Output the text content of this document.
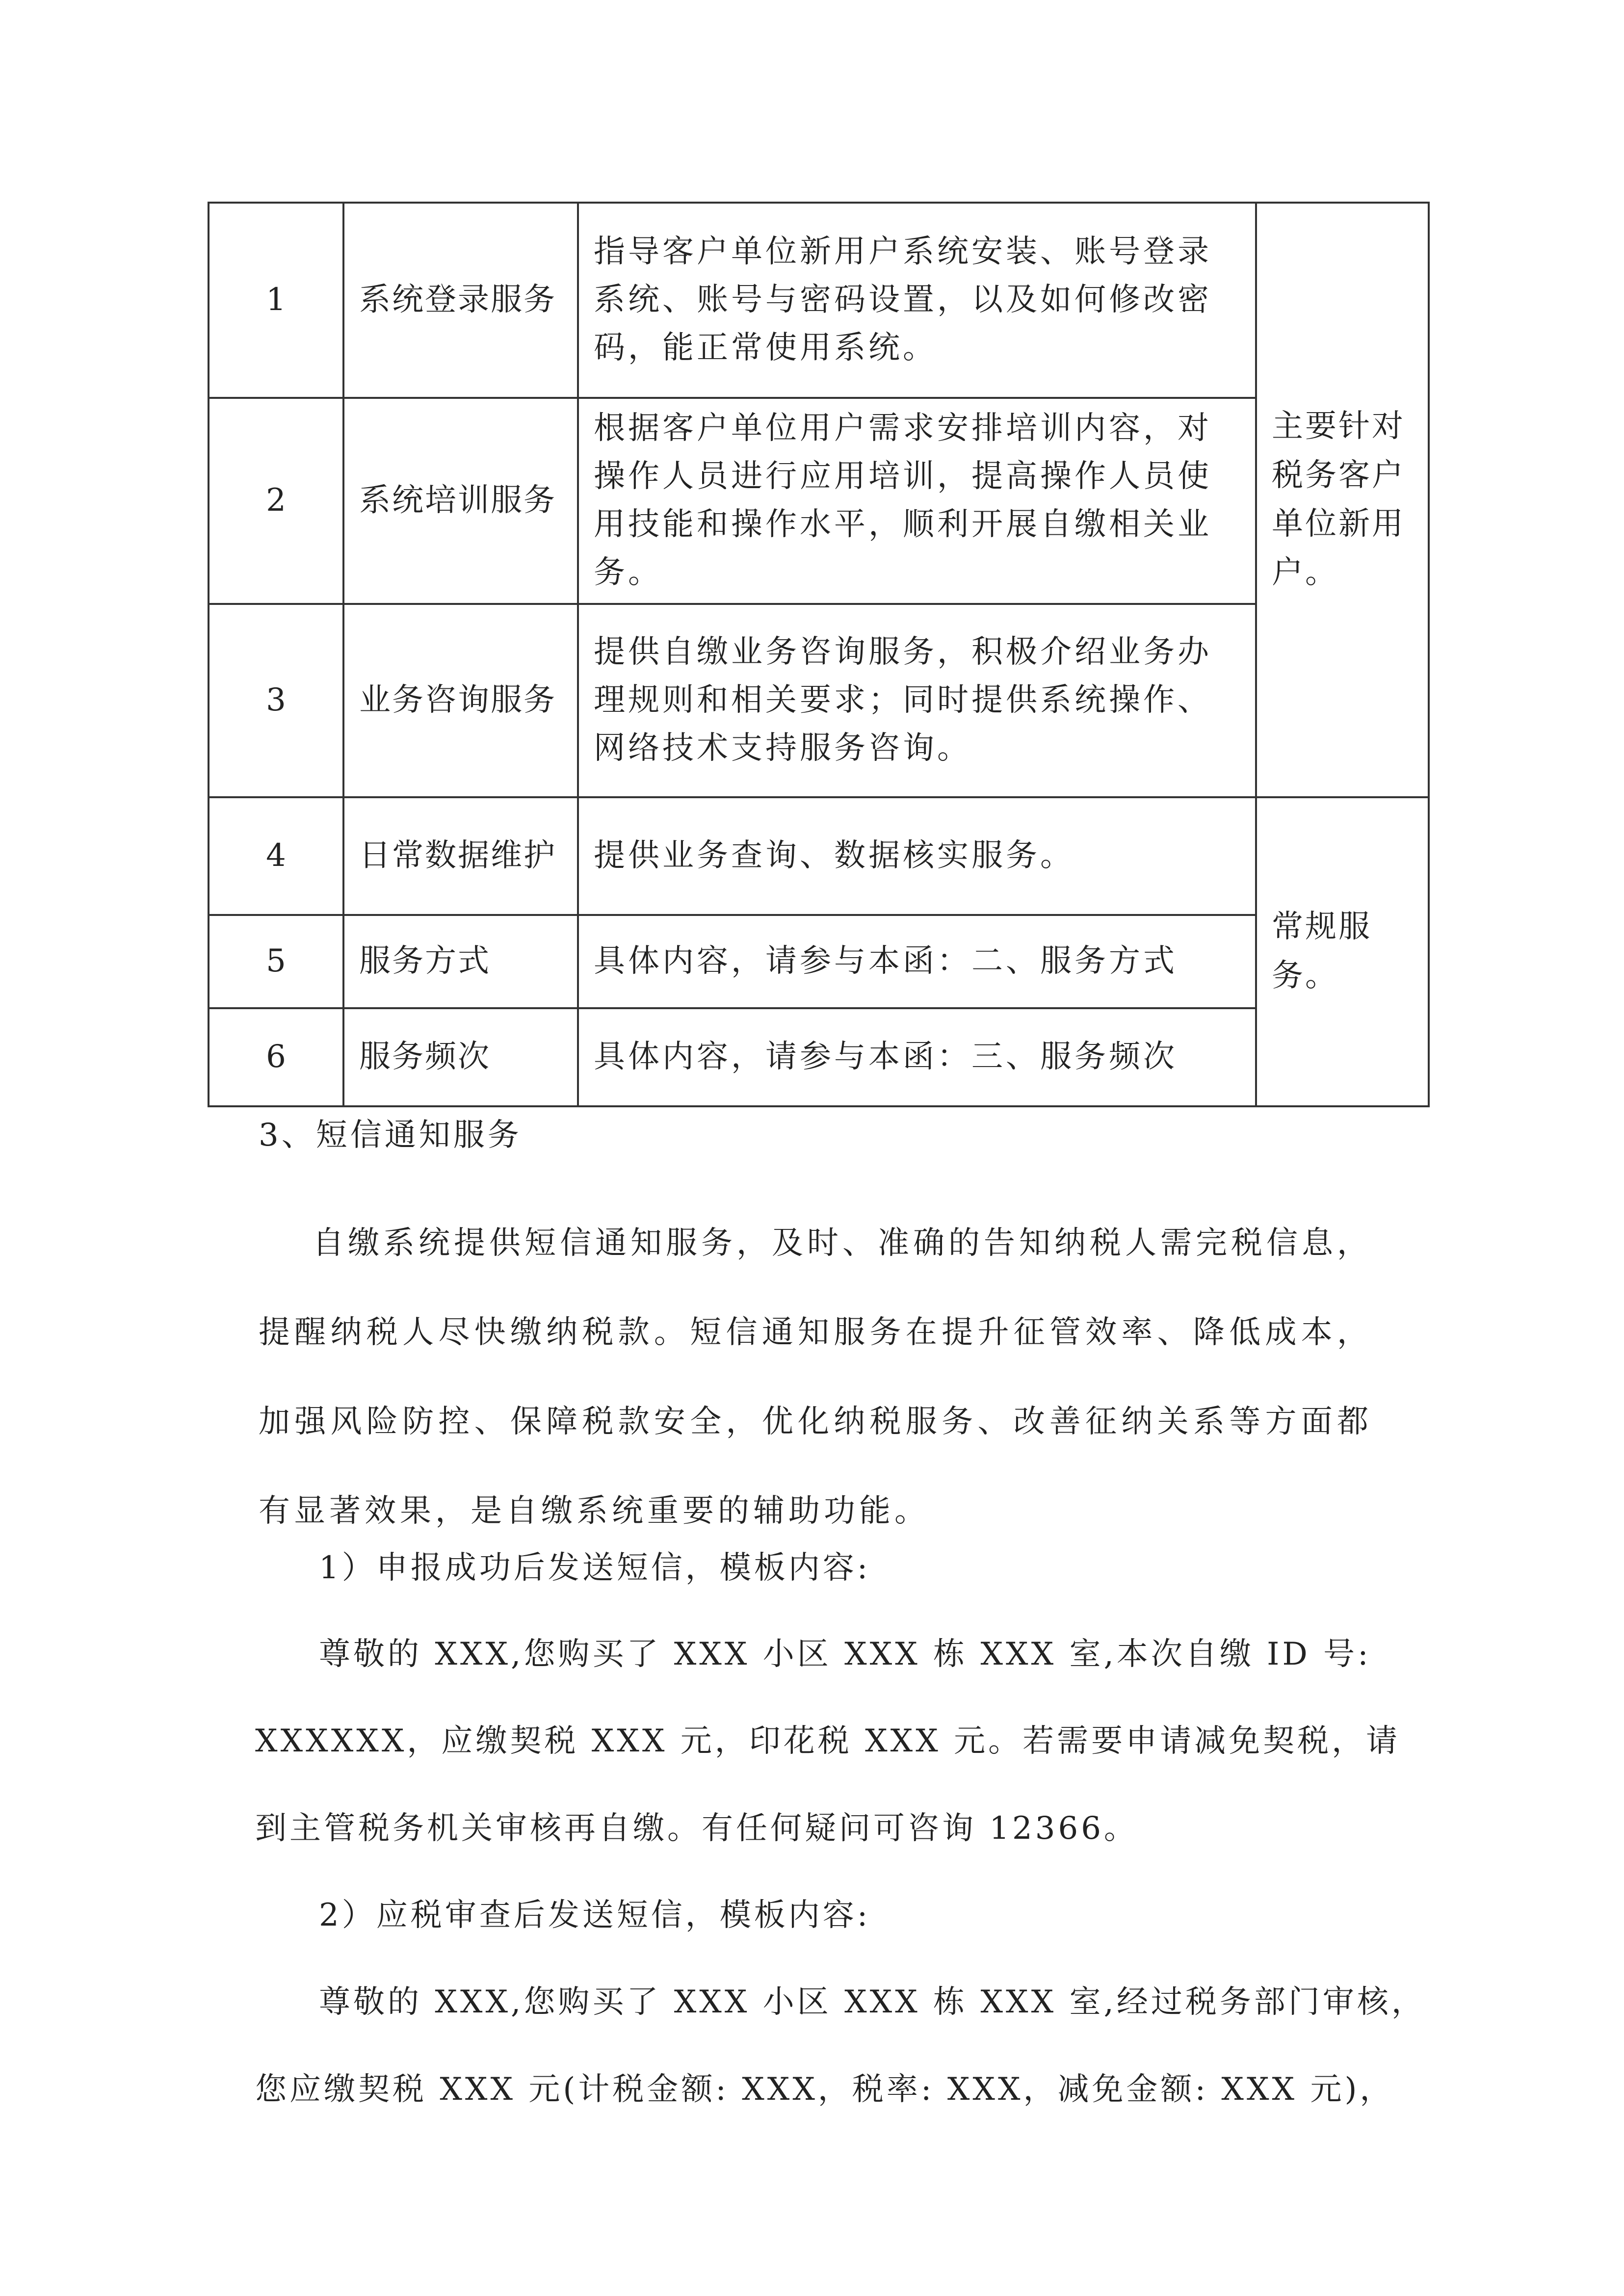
1	系统登录服务	指导客户单位新用户系统安装、账号登录系统、账号与密码设置，以及如何修改密码，能正常使用系统。	主要针对税务客户单位新用户。

2	系统培训服务	根据客户单位用户需求安排培训内容，对操作人员进行应用培训，提高操作人员使用技能和操作水平，顺利开展自缴相关业务。	
3	业务咨询服务	提供自缴业务咨询服务，积极介绍业务办理规则和相关要求；同时提供系统操作、网络技术支持服务咨询。	
4	日常数据维护	提供业务查询、数据核实服务。	常规服务。

5	服务方式	具体内容，请参与本函：二、服务方式	
6	服务频次	具体内容，请参与本函：三、服务频次	
3、短信通知服务

自缴系统提供短信通知服务，及时、准确的告知纳税人需完税信息，提醒纳税人尽快缴纳税款。短信通知服务在提升征管效率、降低成本，加强风险防控、保障税款安全，优化纳税服务、改善征纳关系等方面都有显著效果，是自缴系统重要的辅助功能。

1）申报成功后发送短信，模板内容:
尊敬的 XXX,您购买了 XXX 小区 XXX 栋 XXX 室,本次自缴 ID 号:
XXXXXX，应缴契税 XXX 元，印花税 XXX 元。若需要申请减免契税，请
到主管税务机关审核再自缴。有任何疑问可咨询 12366。
2）应税审查后发送短信，模板内容:
尊敬的 XXX,您购买了 XXX 小区 XXX 栋 XXX 室,经过税务部门审核，
您应缴契税 XXX 元(计税金额: XXX，税率: XXX，减免金额: XXX 元)，
